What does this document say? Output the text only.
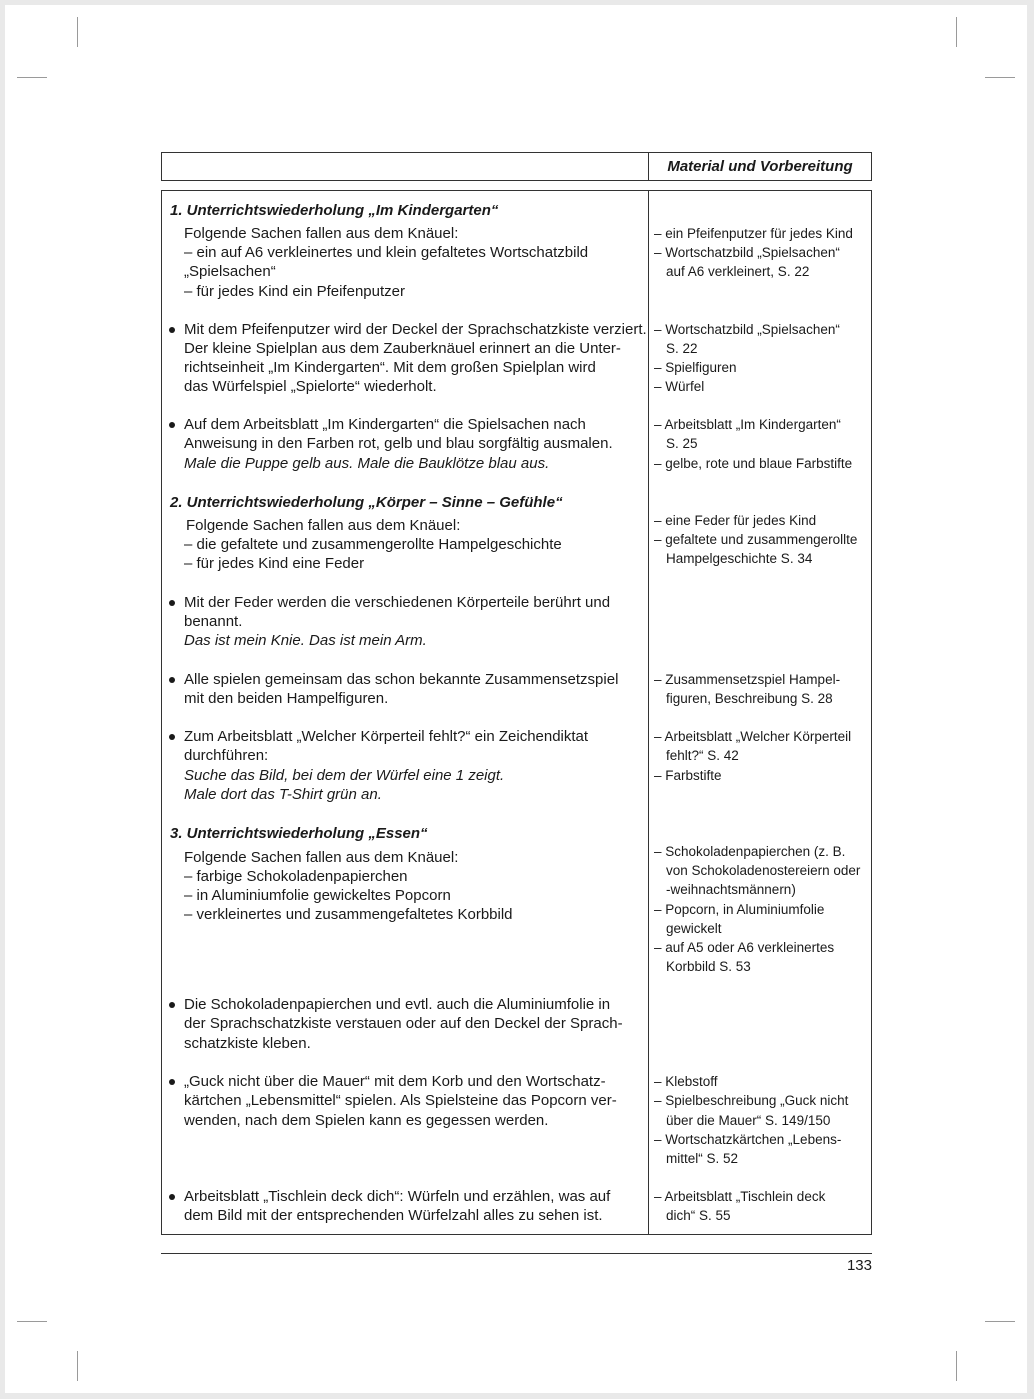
Material und Vorbereitung
1. Unterrichtswiederholung „Im Kindergarten“
Folgende Sachen fallen aus dem Knäuel:
– ein auf A6 verkleinertes und klein gefaltetes Wortschatzbild
„Spielsachen“
– für jedes Kind ein Pfeifenputzer
– ein Pfeifenputzer für jedes Kind
– Wortschatzbild „Spielsachen“
auf A6 verkleinert, S. 22
Mit dem Pfeifenputzer wird der Deckel der Sprachschatzkiste verziert.
Der kleine Spielplan aus dem Zauberknäuel erinnert an die Unter-
richtseinheit „Im Kindergarten“. Mit dem großen Spielplan wird
das Würfelspiel „Spielorte“ wiederholt.
– Wortschatzbild „Spielsachen“
S. 22
– Spielfiguren
– Würfel
Auf dem Arbeitsblatt „Im Kindergarten“ die Spielsachen nach
Anweisung in den Farben rot, gelb und blau sorgfältig ausmalen.
Male die Puppe gelb aus. Male die Bauklötze blau aus.
– Arbeitsblatt „Im Kindergarten“
S. 25
– gelbe, rote und blaue Farbstifte
2. Unterrichtswiederholung „Körper – Sinne – Gefühle“
Folgende Sachen fallen aus dem Knäuel:
– die gefaltete und zusammengerollte Hampelgeschichte
– für jedes Kind eine Feder
– eine Feder für jedes Kind
– gefaltete und zusammengerollte
Hampelgeschichte S. 34
Mit der Feder werden die verschiedenen Körperteile berührt und
benannt.
Das ist mein Knie. Das ist mein Arm.
Alle spielen gemeinsam das schon bekannte Zusammensetzspiel
mit den beiden Hampelfiguren.
– Zusammensetzspiel Hampel-
figuren, Beschreibung S. 28
Zum Arbeitsblatt „Welcher Körperteil fehlt?“ ein Zeichendiktat
durchführen:
Suche das Bild, bei dem der Würfel eine 1 zeigt.
Male dort das T-Shirt grün an.
– Arbeitsblatt „Welcher Körperteil
fehlt?“ S. 42
– Farbstifte
3. Unterrichtswiederholung „Essen“
Folgende Sachen fallen aus dem Knäuel:
– farbige Schokoladenpapierchen
– in Aluminiumfolie gewickeltes Popcorn
– verkleinertes und zusammengefaltetes Korbbild
– Schokoladenpapierchen (z. B.
von Schokoladenostereiern oder
-weihnachtsmännern)
– Popcorn, in Aluminiumfolie
gewickelt
– auf A5 oder A6 verkleinertes
Korbbild S. 53
Die Schokoladenpapierchen und evtl. auch die Aluminiumfolie in
der Sprachschatzkiste verstauen oder auf den Deckel der Sprach-
schatzkiste kleben.
„Guck nicht über die Mauer“ mit dem Korb und den Wortschatz-
kärtchen „Lebensmittel“ spielen. Als Spielsteine das Popcorn ver-
wenden, nach dem Spielen kann es gegessen werden.
– Klebstoff
– Spielbeschreibung „Guck nicht
über die Mauer“ S. 149/150
– Wortschatzkärtchen „Lebens-
mittel“ S. 52
Arbeitsblatt „Tischlein deck dich“: Würfeln und erzählen, was auf
dem Bild mit der entsprechenden Würfelzahl alles zu sehen ist.
– Arbeitsblatt „Tischlein deck
dich“ S. 55
133
